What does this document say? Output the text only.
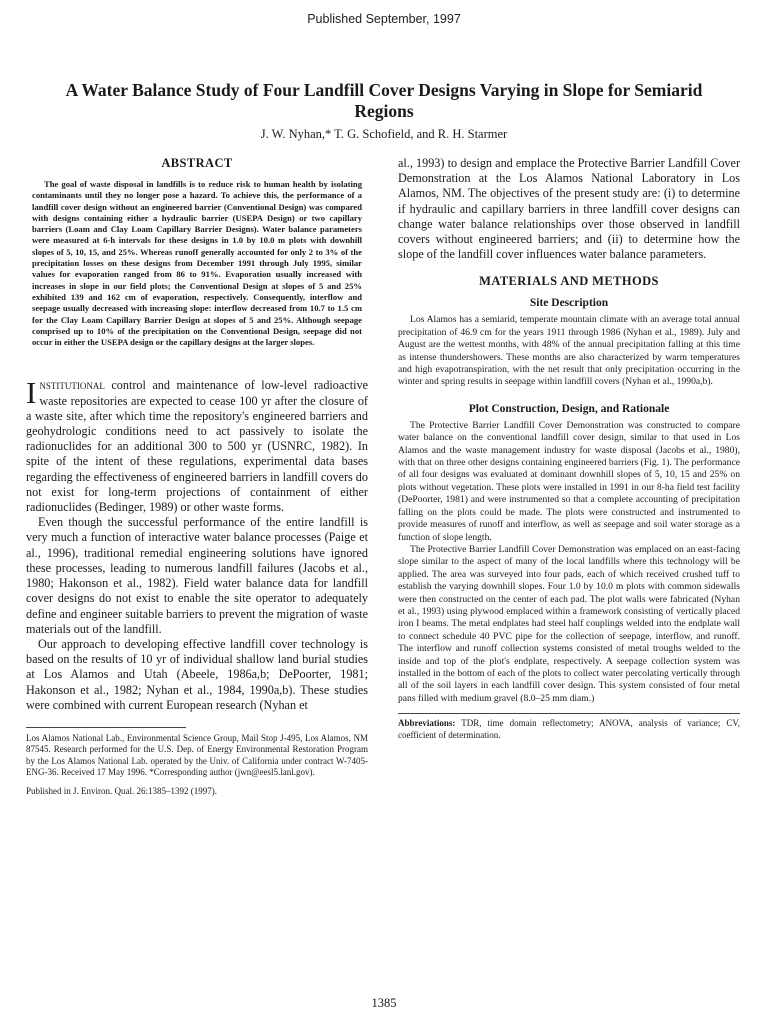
Published September, 1997
A Water Balance Study of Four Landfill Cover Designs Varying in Slope for Semiarid Regions
J. W. Nyhan,* T. G. Schofield, and R. H. Starmer
ABSTRACT

The goal of waste disposal in landfills is to reduce risk to human health by isolating contaminants until they no longer pose a hazard. To achieve this, the performance of a landfill cover design without an engineered barrier (Conventional Design) was compared with designs containing either a hydraulic barrier (USEPA Design) or two capillary barriers (Loam and Clay Loam Capillary Barrier Designs). Water balance parameters were measured at 6-h intervals for these designs in 1.0 by 10.0 m plots with downhill slopes of 5, 10, 15, and 25%. Whereas runoff generally accounted for only 2 to 3% of the precipitation losses on these designs from December 1991 through July 1995, similar values for evaporation ranged from 86 to 91%. Evaporation usually increased with increases in slope in our field plots; the Conventional Design at slopes of 5 and 25% exhibited 139 and 162 cm of evaporation, respectively. Consequently, interflow and seepage usually decreased with increasing slope: interflow decreased from 10.7 to 1.5 cm for the Clay Loam Capillary Barrier Design at slopes of 5 and 25%. Although seepage comprised up to 10% of the precipitation on the Conventional Design, seepage did not occur in either the USEPA design or the capillary designs at the larger slopes.

Institutional control and maintenance of low-level radioactive waste repositories are expected to cease 100 yr after the closure of a waste site, after which time the repository's engineered barriers and geohydrologic conditions need to act passively to isolate the radionuclides for an additional 300 to 500 yr (USNRC, 1982). In spite of the intent of these regulations, experimental data bases regarding the effectiveness of engineered barriers in landfill covers do not exist for long-term projections of containment of either radionuclides (Bedinger, 1989) or other waste forms.

Even though the successful performance of the entire landfill is very much a function of interactive water balance processes (Paige et al., 1996), traditional remedial engineering solutions have ignored these processes, leading to numerous landfill failures (Jacobs et al., 1980; Hakonson et al., 1982). Field water balance data for landfill cover designs do not exist to enable the site operator to adequately define and engineer suitable barriers to prevent the migration of waste materials out of the landfill.

Our approach to developing effective landfill cover technology is based on the results of 10 yr of individual shallow land burial studies at Los Alamos and Utah (Abeele, 1986a,b; DePoorter, 1981; Hakonson et al., 1982; Nyhan et al., 1984, 1990a,b). These studies were combined with current European research (Nyhan et

Los Alamos National Lab., Environmental Science Group, Mail Stop J-495, Los Alamos, NM 87545. Research performed for the U.S. Dep. of Energy Environmental Restoration Program by the Los Alamos National Lab. operated by the Univ. of California under contract W-7405-ENG-36. Received 17 May 1996. *Corresponding author (jwn@eesl5.lanl.gov).

Published in J. Environ. Qual. 26:1385–1392 (1997).

al., 1993) to design and emplace the Protective Barrier Landfill Cover Demonstration at the Los Alamos National Laboratory in Los Alamos, NM. The objectives of the present study are: (i) to determine if hydraulic and capillary barriers in three landfill cover designs can change water balance relationships over those observed in landfill covers without engineered barriers; and (ii) to determine how the slope of the landfill cover influences water balance parameters.

MATERIALS AND METHODS
Site Description

Los Alamos has a semiarid, temperate mountain climate with an average total annual precipitation of 46.9 cm for the years 1911 through 1986 (Nyhan et al., 1989). July and August are the wettest months, with 48% of the annual precipitation falling at this time as intense thundershowers. These months are also characterized by warm temperatures and high evapotranspiration, with the net result that only precipitation occurring in the winter and spring results in seepage within landfill covers (Nyhan et al., 1990a,b).

Plot Construction, Design, and Rationale

The Protective Barrier Landfill Cover Demonstration was constructed to compare water balance on the conventional landfill cover design, similar to that used in Los Alamos and the waste management industry for waste disposal (Jacobs et al., 1980), with that on three other designs containing engineered barriers (Fig. 1). The performance of all four designs was evaluated at dominant downhill slopes of 5, 10, 15 and 25% on plots without vegetation. These plots were installed in 1991 in our 8-ha field test facility (DePoorter, 1981) and were instrumented so that a complete accounting of precipitation falling on the plots could be made. The plots were constructed and instrumented to provide measures of runoff and interflow, as well as seepage and soil water storage as a function of slope length.

The Protective Barrier Landfill Cover Demonstration was emplaced on an east-facing slope similar to the aspect of many of the local landfills where this technology will be applied. The area was surveyed into four pads, each of which received crushed tuff to establish the varying downhill slopes. Four 1.0 by 10.0 m plots with common sidewalls were then constructed on the center of each pad. The plot walls were fabricated (Nyhan et al., 1993) using plywood emplaced within a framework consisting of vertically placed iron I beams. The metal endplates had steel half couplings welded into the endplate wall to connect schedule 40 PVC pipe for the collection of seepage, interflow, and runoff. The interflow and runoff collection systems consisted of metal troughs welded to the inside and top of the plot's endplate, respectively. A seepage collection system was installed in the bottom of each of the plots to collect water percolating vertically through all of the soil layers in each landfill cover design. This system consisted of four metal pans filled with medium gravel (8.0–25 mm diam.)

Abbreviations: TDR, time domain reflectometry; ANOVA, analysis of variance; CV, coefficient of determination.

1385
